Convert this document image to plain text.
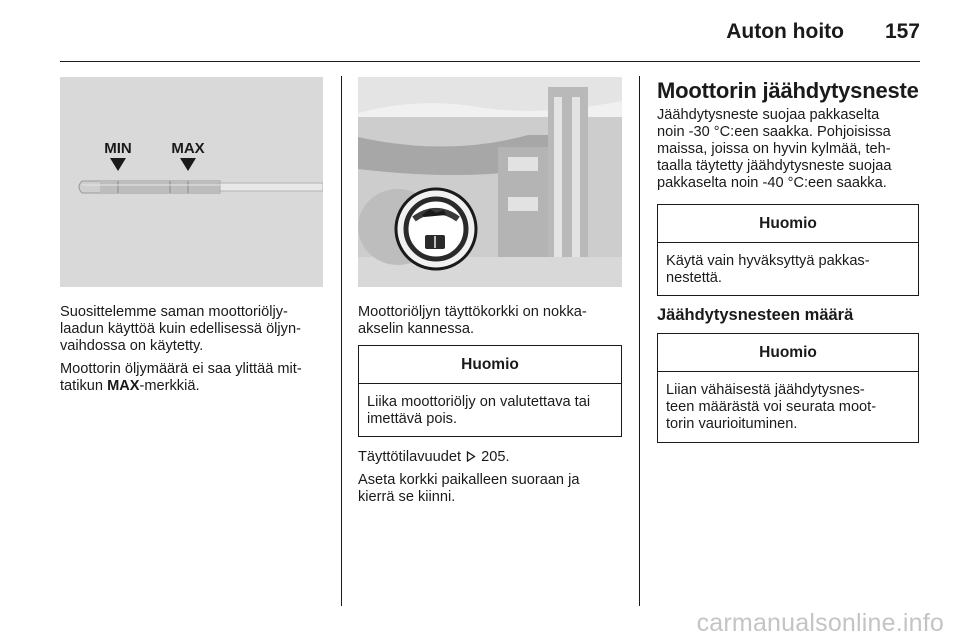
Auton hoito 157
MIN	MAX

Suosittelemme saman moottoriöljy-
laadun käyttöä kuin edellisessä öljyn-
vaihdossa on käytetty.

Moottorin öljymäärä ei saa ylittää mit-
tatikun MAX-merkkiä.

Moottoriöljyn täyttökorkki on nokka-
akselin kannessa.

Huomio
Liika moottoriöljy on valutettava tai
imettävä pois.

Täyttötilavuudet 205.

Aseta korkki paikalleen suoraan ja
kierrä se kiinni.

Moottorin jäähdytysneste

Jäähdytysneste suojaa pakkaselta
noin -30 °C:een saakka. Pohjoisissa
maissa, joissa on hyvin kylmää, teh-
taalla täytetty jäähdytysneste suojaa
pakkaselta noin -40 °C:een saakka.

Huomio
Käytä vain hyväksyttyä pakkas-
nestettä.
Jäähdytysnesteen määrä
Huomio
Liian vähäisestä jäähdytysnes-
teen määrästä voi seurata moot-
torin vaurioituminen.
carmanualsonline.info
